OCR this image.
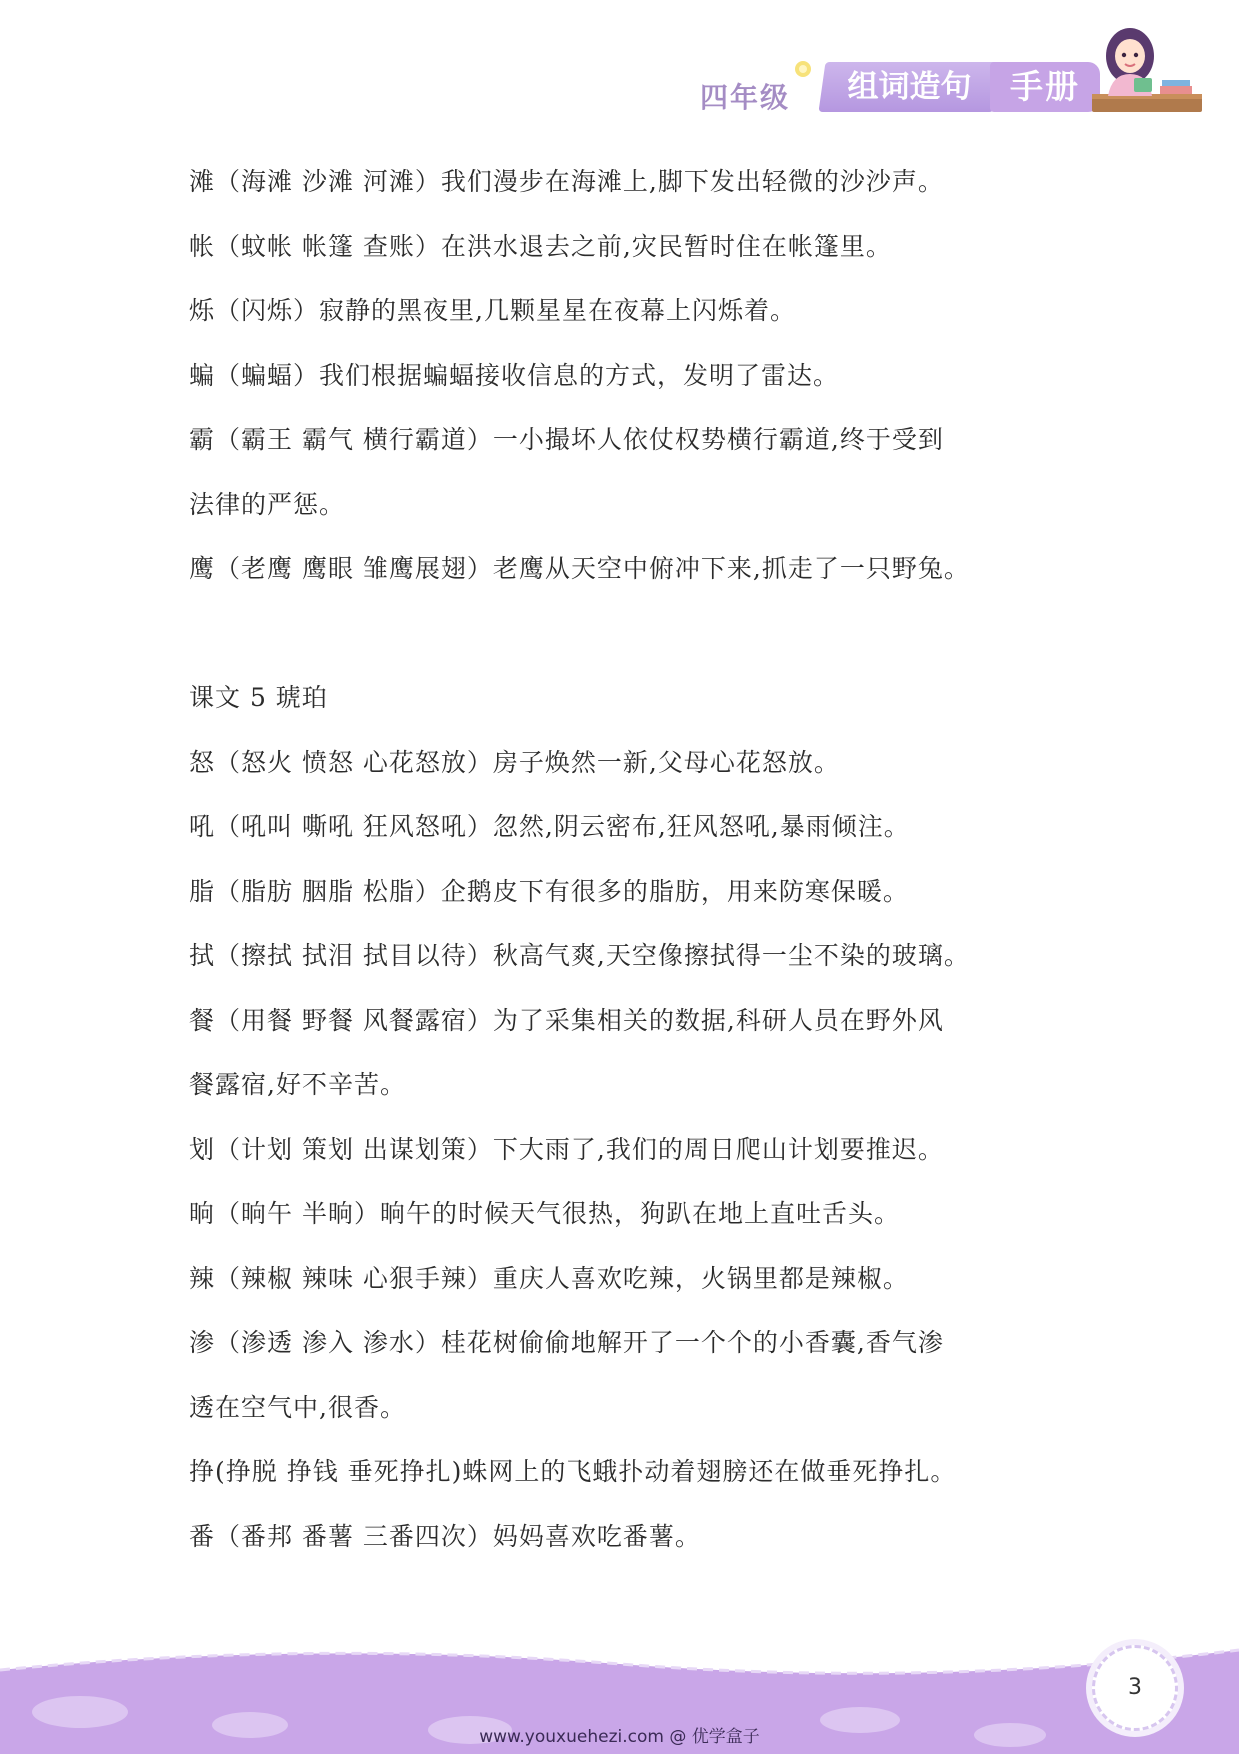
四年级	组词造句	手册
滩（海滩 沙滩 河滩）我们漫步在海滩上,脚下发出轻微的沙沙声。
帐（蚊帐 帐篷 查账）在洪水退去之前,灾民暂时住在帐篷里。
烁（闪烁）寂静的黑夜里,几颗星星在夜幕上闪烁着。
蝙（蝙蝠）我们根据蝙蝠接收信息的方式，发明了雷达。
霸（霸王 霸气 横行霸道）一小撮坏人依仗权势横行霸道,终于受到
法律的严惩。
鹰（老鹰 鹰眼 雏鹰展翅）老鹰从天空中俯冲下来,抓走了一只野兔。
课文 5 琥珀
怒（怒火 愤怒 心花怒放）房子焕然一新,父母心花怒放。
吼（吼叫 嘶吼 狂风怒吼）忽然,阴云密布,狂风怒吼,暴雨倾注。
脂（脂肪 胭脂 松脂）企鹅皮下有很多的脂肪，用来防寒保暖。
拭（擦拭 拭泪 拭目以待）秋高气爽,天空像擦拭得一尘不染的玻璃。
餐（用餐 野餐 风餐露宿）为了采集相关的数据,科研人员在野外风
餐露宿,好不辛苦。
划（计划 策划 出谋划策）下大雨了,我们的周日爬山计划要推迟。
晌（晌午 半晌）晌午的时候天气很热，狗趴在地上直吐舌头。
辣（辣椒 辣味 心狠手辣）重庆人喜欢吃辣，火锅里都是辣椒。
渗（渗透 渗入 渗水）桂花树偷偷地解开了一个个的小香囊,香气渗
透在空气中,很香。
挣(挣脱 挣钱 垂死挣扎)蛛网上的飞蛾扑动着翅膀还在做垂死挣扎。
番（番邦 番薯 三番四次）妈妈喜欢吃番薯。
3
www.youxuehezi.com @ 优学盒子
